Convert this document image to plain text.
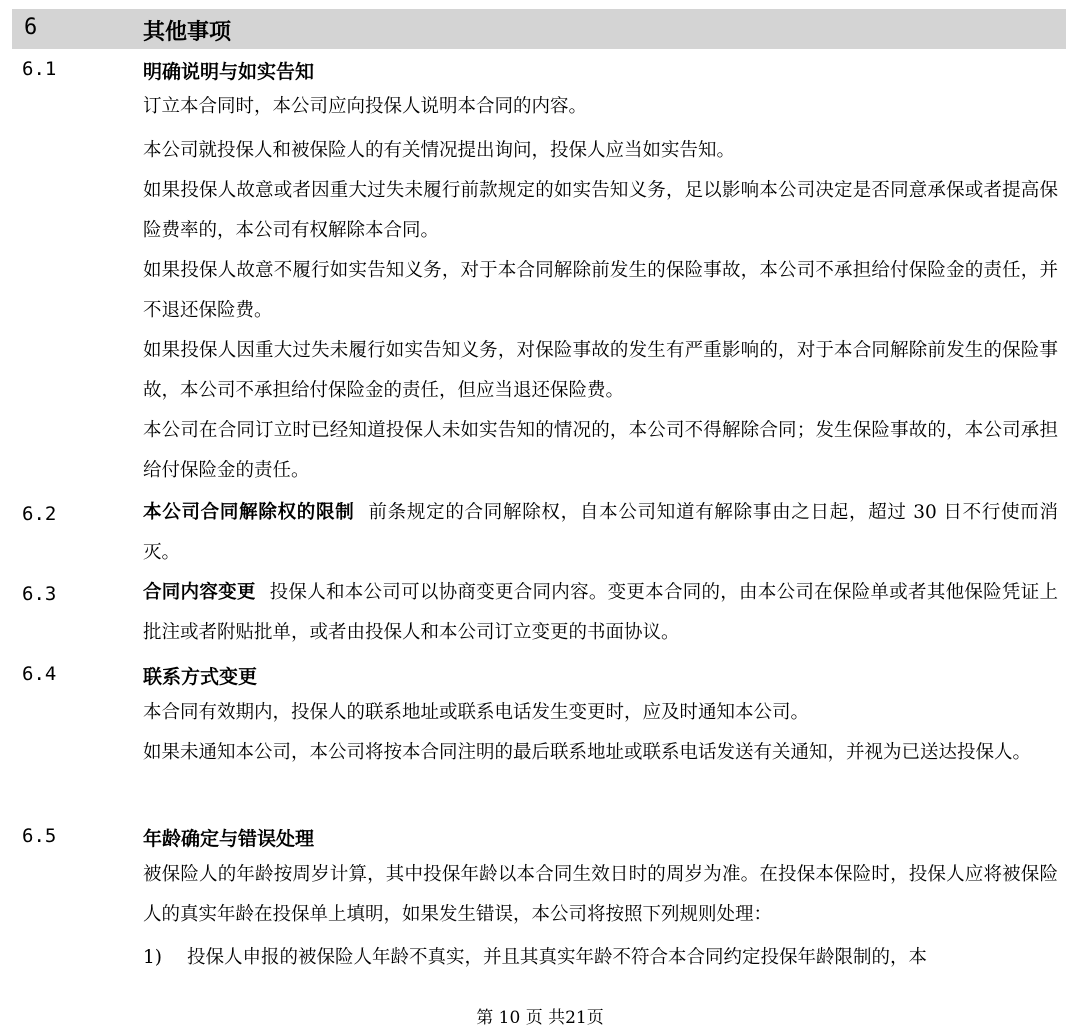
6	其他事项
6.1	明确说明与如实告知

订立本合同时，本公司应向投保人说明本合同的内容。

本公司就投保人和被保险人的有关情况提出询问，投保人应当如实告知。

如果投保人故意或者因重大过失未履行前款规定的如实告知义务，足以影响本公司决定是否同意承保或者提高保险费率的，本公司有权解除本合同。

如果投保人故意不履行如实告知义务，对于本合同解除前发生的保险事故，本公司不承担给付保险金的责任，并不退还保险费。

如果投保人因重大过失未履行如实告知义务，对保险事故的发生有严重影响的，对于本合同解除前发生的保险事故，本公司不承担给付保险金的责任，但应当退还保险费。

本公司在合同订立时已经知道投保人未如实告知的情况的，本公司不得解除合同；发生保险事故的，本公司承担给付保险金的责任。

6.2	本公司合同解除权的限制 前条规定的合同解除权，自本公司知道有解除事由之日起，超过 30 日不行使而消灭。

6.3	合同内容变更 投保人和本公司可以协商变更合同内容。变更本合同的，由本公司在保险单或者其他保险凭证上批注或者附贴批单，或者由投保人和本公司订立变更的书面协议。

6.4	联系方式变更

本合同有效期内，投保人的联系地址或联系电话发生变更时，应及时通知本公司。

如果未通知本公司，本公司将按本合同注明的最后联系地址或联系电话发送有关通知，并视为已送达投保人。

6.5	年龄确定与错误处理

被保险人的年龄按周岁计算，其中投保年龄以本合同生效日时的周岁为准。在投保本保险时，投保人应将被保险人的真实年龄在投保单上填明，如果发生错误，本公司将按照下列规则处理：

1) 投保人申报的被保险人年龄不真实，并且其真实年龄不符合本合同约定投保年龄限制的，本
第 10 页 共21页
